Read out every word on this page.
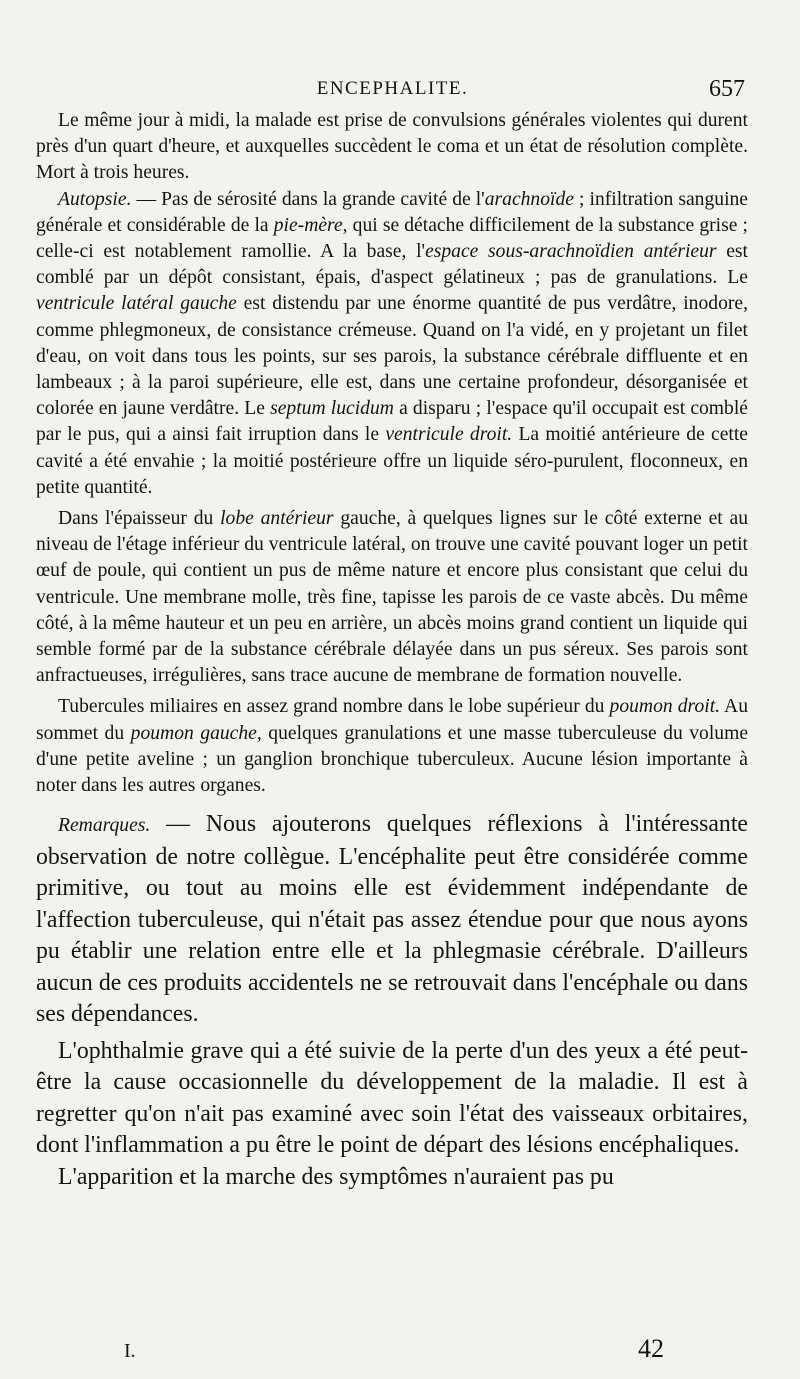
ENCEPHALITE.	657

Le même jour à midi, la malade est prise de convulsions générales violentes qui durent près d'un quart d'heure, et auxquelles succèdent le coma et un état de résolution complète. Mort à trois heures.

Autopsie. — Pas de sérosité dans la grande cavité de l'arachnoïde ; infiltration sanguine générale et considérable de la pie-mère, qui se détache difficilement de la substance grise ; celle-ci est notablement ramollie. A la base, l'espace sous-arachnoïdien antérieur est comblé par un dépôt consistant, épais, d'aspect gélatineux ; pas de granulations. Le ventricule latéral gauche est distendu par une énorme quantité de pus verdâtre, inodore, comme phlegmoneux, de consistance crémeuse. Quand on l'a vidé, en y projetant un filet d'eau, on voit dans tous les points, sur ses parois, la substance cérébrale diffluente et en lambeaux ; à la paroi supérieure, elle est, dans une certaine profondeur, désorganisée et colorée en jaune verdâtre. Le septum lucidum a disparu ; l'espace qu'il occupait est comblé par le pus, qui a ainsi fait irruption dans le ventricule droit. La moitié antérieure de cette cavité a été envahie ; la moitié postérieure offre un liquide séro-purulent, floconneux, en petite quantité.

Dans l'épaisseur du lobe antérieur gauche, à quelques lignes sur le côté externe et au niveau de l'étage inférieur du ventricule latéral, on trouve une cavité pouvant loger un petit œuf de poule, qui contient un pus de même nature et encore plus consistant que celui du ventricule. Une membrane molle, très fine, tapisse les parois de ce vaste abcès. Du même côté, à la même hauteur et un peu en arrière, un abcès moins grand contient un liquide qui semble formé par de la substance cérébrale délayée dans un pus séreux. Ses parois sont anfractueuses, irrégulières, sans trace aucune de membrane de formation nouvelle.

Tubercules miliaires en assez grand nombre dans le lobe supérieur du poumon droit. Au sommet du poumon gauche, quelques granulations et une masse tuberculeuse du volume d'une petite aveline ; un ganglion bronchique tuberculeux. Aucune lésion importante à noter dans les autres organes.

Remarques. — Nous ajouterons quelques réflexions à l'intéressante observation de notre collègue. L'encéphalite peut être considérée comme primitive, ou tout au moins elle est évidemment indépendante de l'affection tuberculeuse, qui n'était pas assez étendue pour que nous ayons pu établir une relation entre elle et la phlegmasie cérébrale. D'ailleurs aucun de ces produits accidentels ne se retrouvait dans l'encéphale ou dans ses dépendances.

L'ophthalmie grave qui a été suivie de la perte d'un des yeux a été peut-être la cause occasionnelle du développement de la maladie. Il est à regretter qu'on n'ait pas examiné avec soin l'état des vaisseaux orbitaires, dont l'inflammation a pu être le point de départ des lésions encéphaliques.

L'apparition et la marche des symptômes n'auraient pas pu

I.	42
